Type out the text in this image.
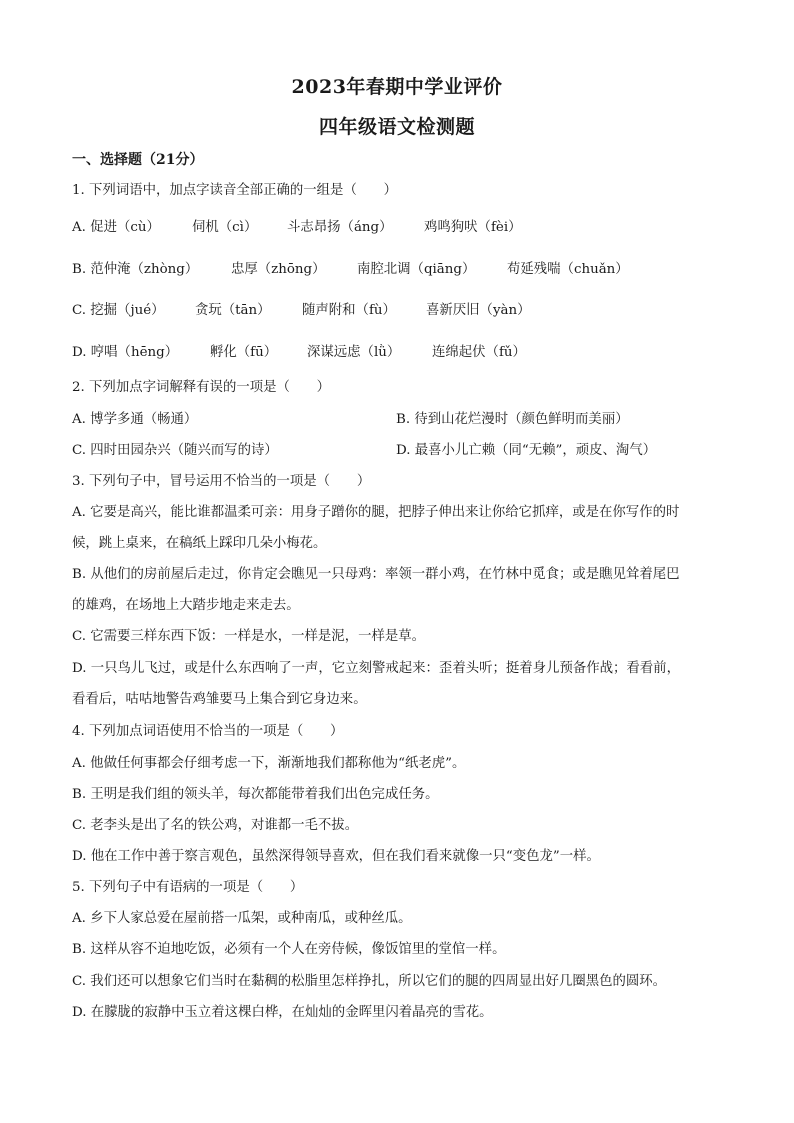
2023年春期中学业评价
四年级语文检测题
一、选择题（21分）
1. 下列词语中，加点字读音全部正确的一组是（　　）
A. 促进（cù） 伺机（cì） 斗志昂扬（áng） 鸡鸣狗吠（fèi）
B. 范仲淹（zhòng） 忠厚（zhōng） 南腔北调（qiāng） 苟延残喘（chuǎn）
C. 挖掘（jué） 贪玩（tān） 随声附和（fù） 喜新厌旧（yàn）
D. 哼唱（hēng） 孵化（fū） 深谋远虑（lǜ） 连绵起伏（fǔ）
2. 下列加点字词解释有误的一项是（　　）
A. 博学多通（畅通）	B. 待到山花烂漫时（颜色鲜明而美丽）
C. 四时田园杂兴（随兴而写的诗）	D. 最喜小儿亡赖（同“无赖”，顽皮、淘气）
3. 下列句子中，冒号运用不恰当的一项是（　　）
A. 它要是高兴，能比谁都温柔可亲：用身子蹭你的腿，把脖子伸出来让你给它抓痒，或是在你写作的时
候，跳上桌来，在稿纸上踩印几朵小梅花。
B. 从他们的房前屋后走过，你肯定会瞧见一只母鸡：率领一群小鸡，在竹林中觅食；或是瞧见耸着尾巴
的雄鸡，在场地上大踏步地走来走去。
C. 它需要三样东西下饭：一样是水，一样是泥，一样是草。
D. 一只鸟儿飞过，或是什么东西响了一声，它立刻警戒起来：歪着头听；挺着身儿预备作战；看看前，
看看后，咕咕地警告鸡雏要马上集合到它身边来。
4. 下列加点词语使用不恰当的一项是（　　）
A. 他做任何事都会仔细考虑一下，渐渐地我们都称他为“纸老虎”。
B. 王明是我们组的领头羊，每次都能带着我们出色完成任务。
C. 老李头是出了名的铁公鸡，对谁都一毛不拔。
D. 他在工作中善于察言观色，虽然深得领导喜欢，但在我们看来就像一只“变色龙”一样。
5. 下列句子中有语病的一项是（　　）
A. 乡下人家总爱在屋前搭一瓜架，或种南瓜，或种丝瓜。
B. 这样从容不迫地吃饭，必须有一个人在旁侍候，像饭馆里的堂倌一样。
C. 我们还可以想象它们当时在黏稠的松脂里怎样挣扎，所以它们的腿的四周显出好几圈黑色的圆环。
D. 在朦胧的寂静中玉立着这棵白桦，在灿灿的金晖里闪着晶亮的雪花。
